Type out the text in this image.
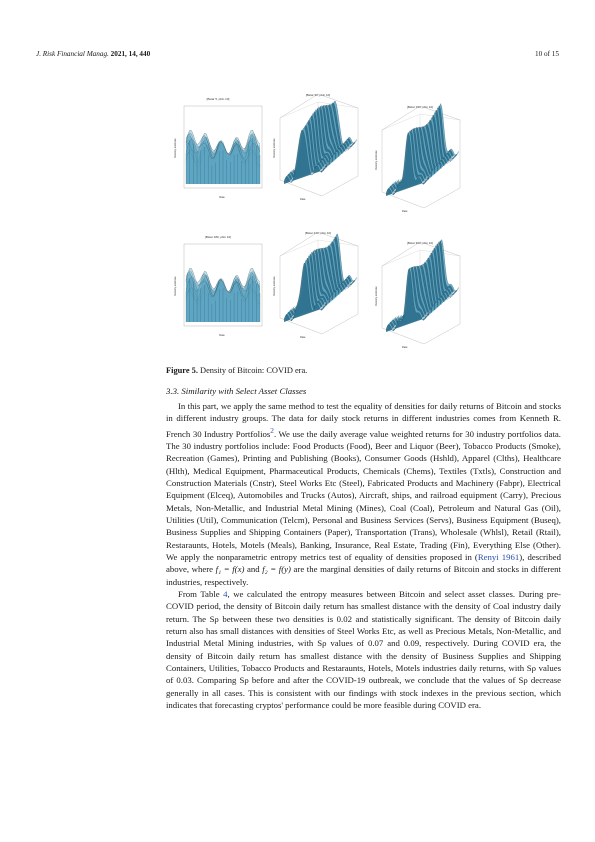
J. Risk Financial Manag. 2021, 14, 440	10 of 15
[Bstar 5, pbin 10]
Density estimate
Date
[Bstar 90, pbin 10]
Density estimate
Date
[Bstar 150, pbin 10]
Density estimate
Date
[Bstar 180, pbin 10]
Density estimate
Date
[Bstar 240, pbin 10]
Density estimate
Date
[Bstar 300, pbin 10]
Density estimate
Date
Figure 5. Density of Bitcoin: COVID era.
3.3. Similarity with Select Asset Classes

In this part, we apply the same method to test the equality of densities for daily returns of Bitcoin and stocks in different industry groups. The data for daily stock returns in different industries comes from Kenneth R. French 30 Industry Portfolios$^2$. We use the daily average value weighted returns for 30 industry portfolios data. The 30 industry portfolios include: Food Products (Food), Beer and Liquor (Beer), Tobacco Products (Smoke), Recreation (Games), Printing and Publishing (Books), Consumer Goods (Hshld), Apparel (Clths), Healthcare (Hlth), Medical Equipment, Pharmaceutical Products, Chemicals (Chems), Textiles (Txtls), Construction and Construction Materials (Cnstr), Steel Works Etc (Steel), Fabricated Products and Machinery (Fabpr), Electrical Equipment (Elceq), Automobiles and Trucks (Autos), Aircraft, ships, and railroad equipment (Carry), Precious Metals, Non-Metallic, and Industrial Metal Mining (Mines), Coal (Coal), Petroleum and Natural Gas (Oil), Utilities (Util), Communication (Telcm), Personal and Business Services (Servs), Business Equipment (Buseq), Business Supplies and Shipping Containers (Paper), Transportation (Trans), Wholesale (Whlsl), Retail (Rtail), Restaraunts, Hotels, Motels (Meals), Banking, Insurance, Real Estate, Trading (Fin), Everything Else (Other). We apply the nonparametric entropy metrics test of equality of densities proposed in (Renyi 1961), described above, where f₁ = f(x) and f₂ = f(y) are the marginal densities of daily returns of Bitcoin and stocks in different industries, respectively.

From Table 4, we calculated the entropy measures between Bitcoin and select asset classes. During pre-COVID period, the density of Bitcoin daily return has smallest distance with the density of Coal industry daily return. The Sρ between these two densities is 0.02 and statistically significant. The density of Bitcoin daily return also has small distances with densities of Steel Works Etc, as well as Precious Metals, Non-Metallic, and Industrial Metal Mining industries, with Sρ values of 0.07 and 0.09, respectively. During COVID era, the density of Bitcoin daily return has smallest distance with the density of Business Supplies and Shipping Containers, Utilities, Tobacco Products and Restaraunts, Hotels, Motels industries daily returns, with Sρ values of 0.03. Comparing Sρ before and after the COVID-19 outbreak, we conclude that the values of Sρ decrease generally in all cases. This is consistent with our findings with stock indexes in the previous section, which indicates that forecasting cryptos' performance could be more feasible during COVID era.
